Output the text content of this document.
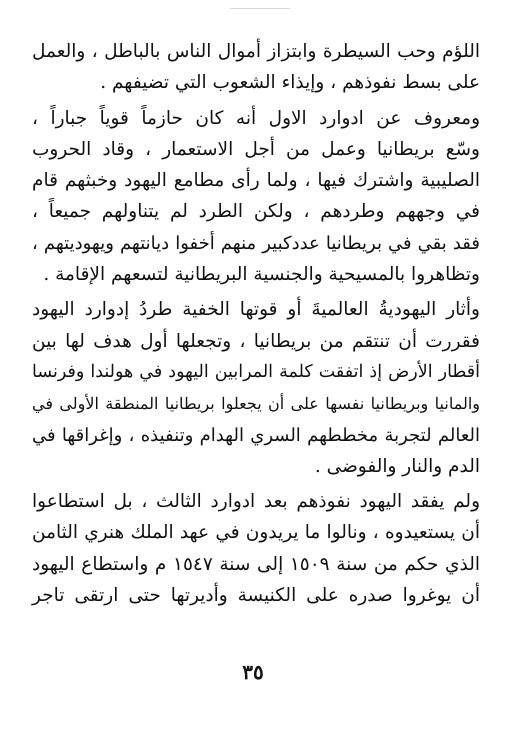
اللؤم وحب السيطرة وابتزاز أموال الناس بالباطل ، والعمل
على بسط نفوذهم ، وإيذاء الشعوب التي تضيفهم .
ومعروف عن ادوارد الاول أنه كان حازماً قوياً جباراً ،
وسّع بريطانيا وعمل من أجل الاستعمار ، وقاد الحروب
الصليبية واشترك فيها ، ولما رأى مطامع اليهود وخبثهم قام
في وجههم وطردهم ، ولكن الطرد لم يتناولهم جميعاً ،
فقد بقي في بريطانيا عددكبير منهم أخفوا ديانتهم ويهوديتهم ،
وتظاهروا بالمسيحية والجنسية البريطانية لتسعهم الإقامة .
وأثار اليهوديةُ العالميةَ أو قوتها الخفية طردُ إدوارد اليهود
فقررت أن تنتقم من بريطانيا ، وتجعلها أول هدف لها بين
أقطار الأرض إذ اتفقت كلمة المرابين اليهود في هولندا وفرنسا
والمانيا وبريطانيا نفسها على أن يجعلوا بريطانيا المنطقة الأولى في
العالم لتجربة مخططهم السري الهدام وتنفيذه ، وإغراقها في
الدم والنار والفوضى .
ولم يفقد اليهود نفوذهم بعد ادوارد الثالث ، بل استطاعوا
أن يستعيدوه ، ونالوا ما يريدون في عهد الملك هنري الثامن
الذي حكم من سنة ١٥٠٩ إلى سنة ١٥٤٧ م واستطاع اليهود
أن يوغروا صدره على الكنيسة وأديرتها حتى ارتقى تاجر
٣٥
